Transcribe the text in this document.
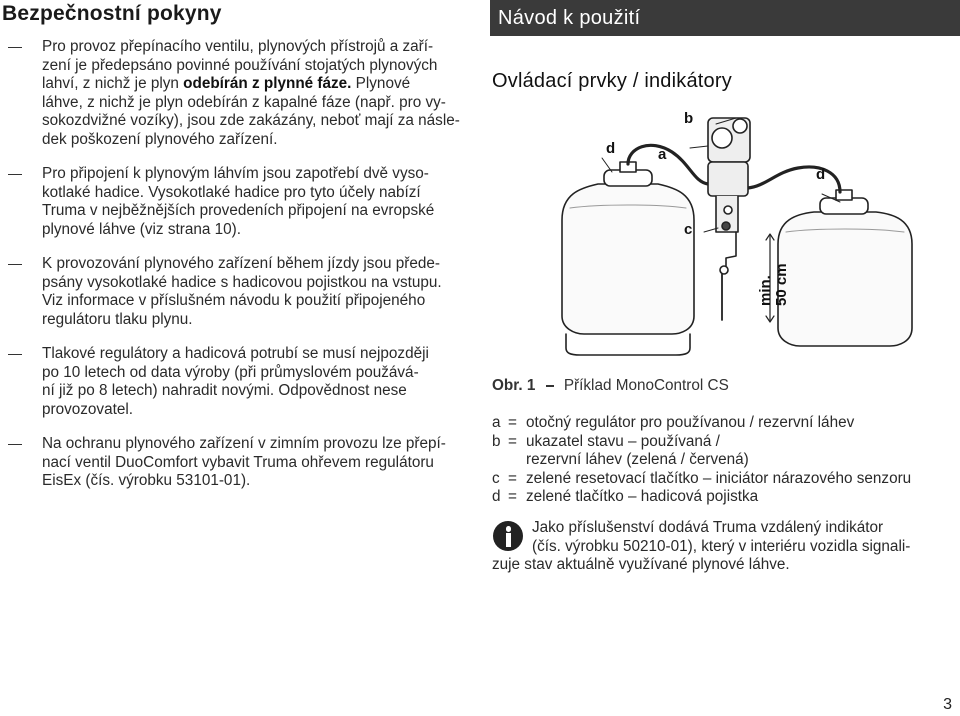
Bezpečnostní pokyny
Pro provoz přepínacího ventilu, plynových přístrojů a zaří-
zení je předepsáno povinné používání stojatých plynových
lahví, z nichž je plyn odebírán z plynné fáze. Plynové
láhve, z nichž je plyn odebírán z kapalné fáze (např. pro vy-
sokozdvižné vozíky), jsou zde zakázány, neboť mají za násle-
dek poškození plynového zařízení.
Pro připojení k plynovým láhvím jsou zapotřebí dvě vyso-
kotlaké hadice. Vysokotlaké hadice pro tyto účely nabízí
Truma v nejběžnějších provedeních připojení na evropské
plynové láhve (viz strana 10).
K provozování plynového zařízení během jízdy jsou přede-
psány vysokotlaké hadice s hadicovou pojistkou na vstupu.
Viz informace v příslušném návodu k použití připojeného
regulátoru tlaku plynu.
Tlakové regulátory a hadicová potrubí se musí nejpozději
po 10 letech od data výroby (při průmyslovém použává-
ní již po 8 letech) nahradit novými. Odpovědnost nese
provozovatel.
Na ochranu plynového zařízení v zimním provozu lze přepí-
nací ventil DuoComfort vybavit Truma ohřevem regulátoru
EisEx (čís. výrobku 53101-01).
Návod k použití
Ovládací prvky / indikátory
b
a
d
d
c
min.
50 cm
Obr. 1 Příklad MonoControl CS
a = otočný regulátor pro používanou / rezervní láhev
b = ukazatel stavu – používaná /
rezervní láhev (zelená / červená)
c = zelené resetovací tlačítko – iniciátor nárazového senzoru
d = zelené tlačítko – hadicová pojistka
Jako příslušenství dodává Truma vzdálený indikátor
(čís. výrobku 50210-01), který v interiéru vozidla signali-
zuje stav aktuálně využívané plynové láhve.
3
